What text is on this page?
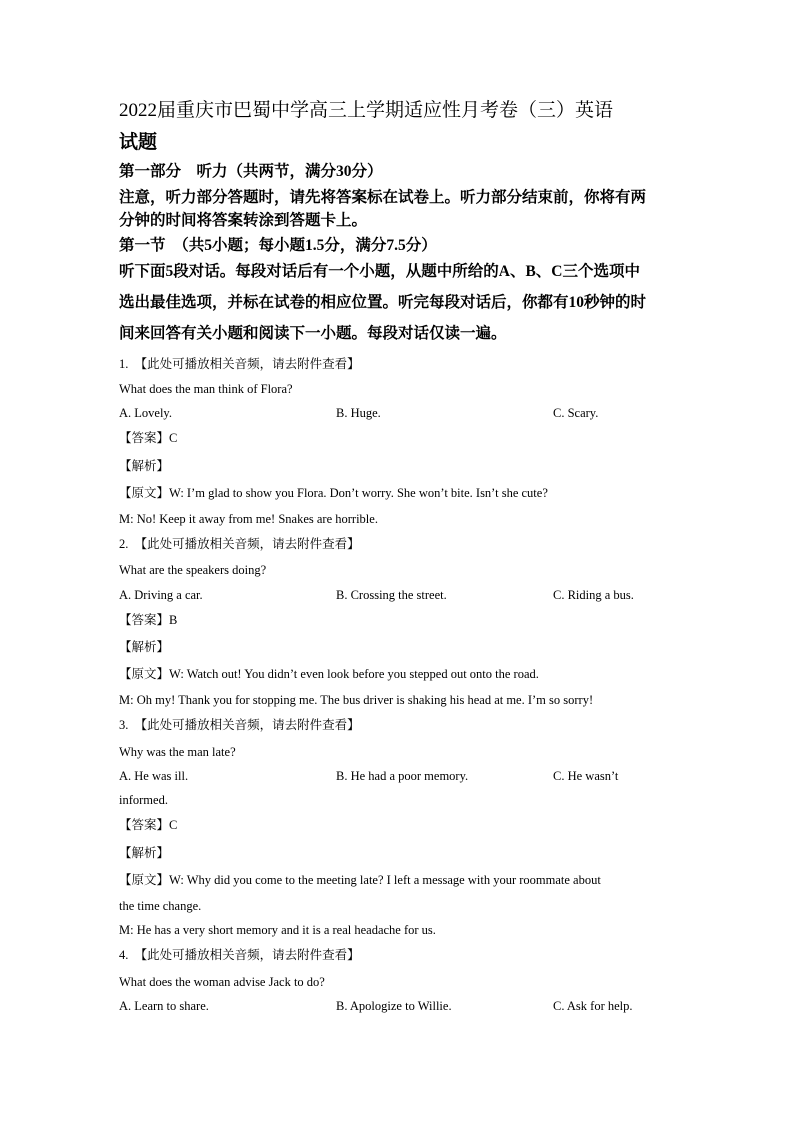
2022届重庆市巴蜀中学高三上学期适应性月考卷（三）英语
试题
第一部分　听力（共两节，满分30分）
注意，听力部分答题时，请先将答案标在试卷上。听力部分结束前，你将有两
分钟的时间将答案转涂到答题卡上。
第一节　（共5小题；每小题1.5分，满分7.5分）
听下面5段对话。每段对话后有一个小题，从题中所给的A、B、C三个选项中
选出最佳选项，并标在试卷的相应位置。听完每段对话后，你都有10秒钟的时
间来回答有关小题和阅读下一小题。每段对话仅读一遍。
1.　【此处可播放相关音频，请去附件查看】
What does the man think of Flora?
A. Lovely.	B. Huge.	C. Scary.
【答案】C
【解析】
【原文】W: I’m glad to show you Flora. Don’t worry. She won’t bite. Isn’t she cute?
M: No! Keep it away from me! Snakes are horrible.
2.　【此处可播放相关音频，请去附件查看】
What are the speakers doing?
A. Driving a car.	B. Crossing the street.	C. Riding a bus.
【答案】B
【解析】
【原文】W: Watch out! You didn’t even look before you stepped out onto the road.
M: Oh my! Thank you for stopping me. The bus driver is shaking his head at me. I’m so sorry!
3.　【此处可播放相关音频，请去附件查看】
Why was the man late?
A. He was ill.	B. He had a poor memory.	C. He wasn’t
informed.
【答案】C
【解析】
【原文】W: Why did you come to the meeting late? I left a message with your roommate about
the time change.
M: He has a very short memory and it is a real headache for us.
4.　【此处可播放相关音频，请去附件查看】
What does the woman advise Jack to do?
A. Learn to share.	B. Apologize to Willie.	C. Ask for help.
